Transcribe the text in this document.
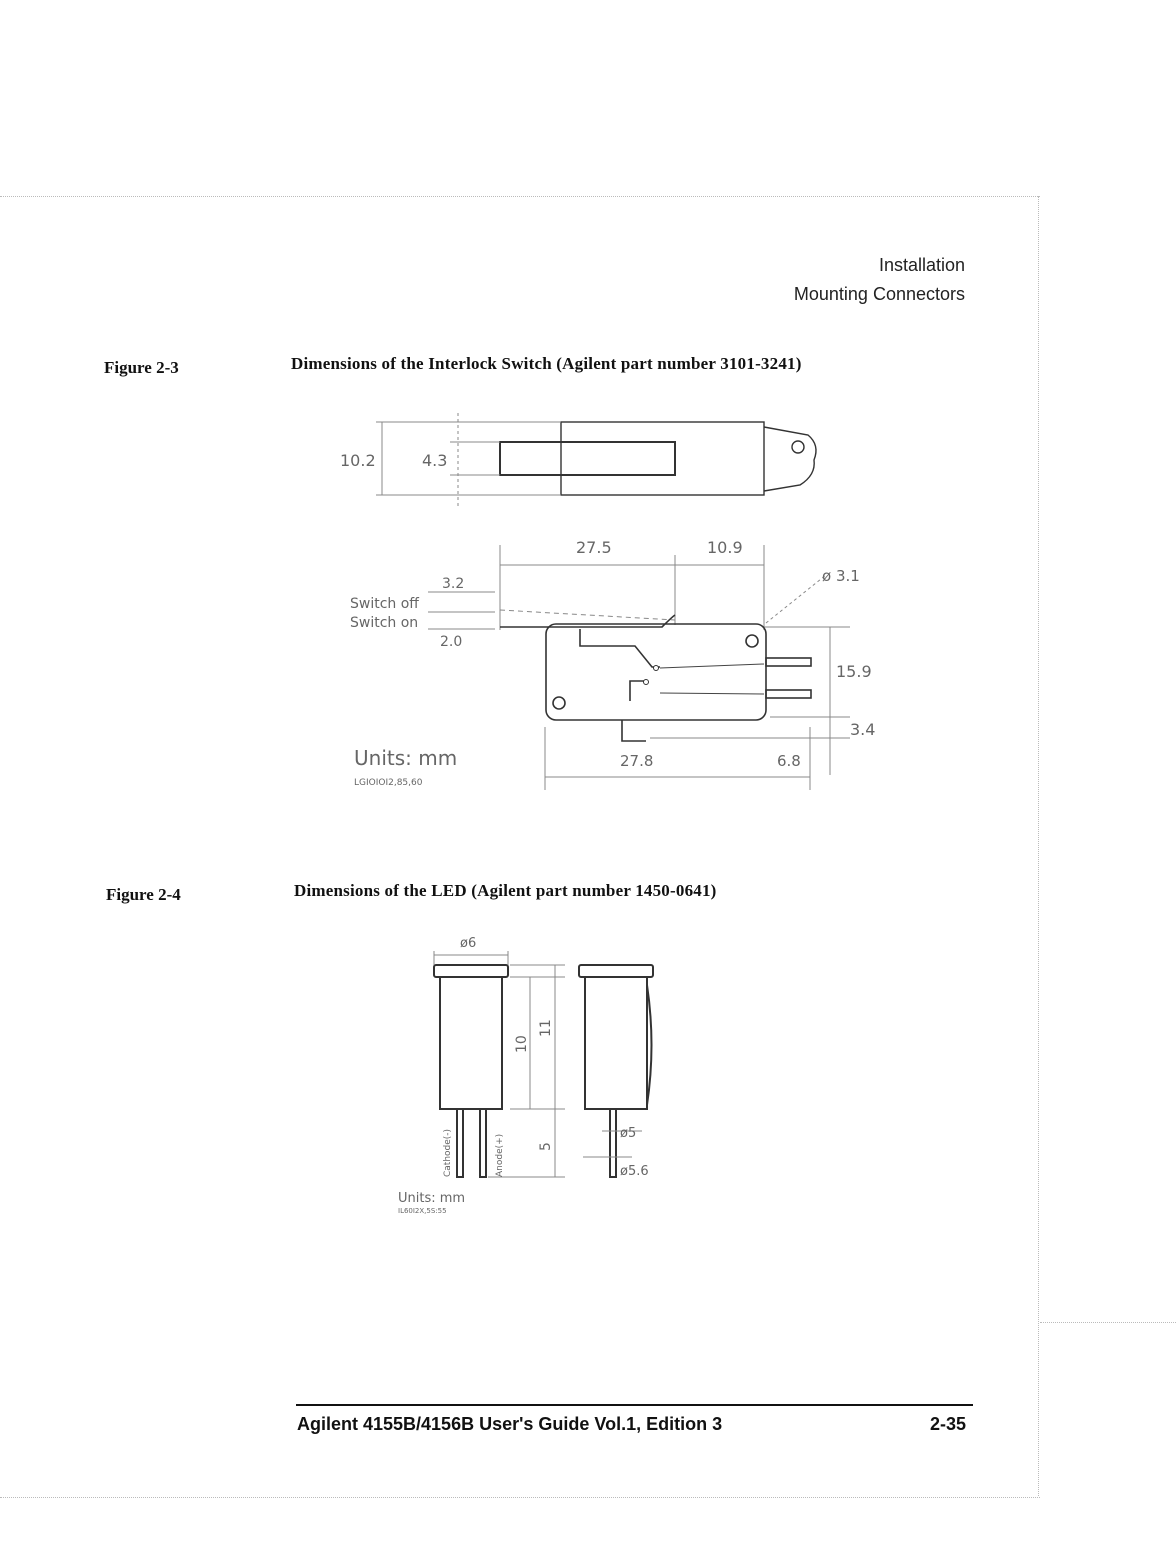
Installation
Mounting Connectors
Figure 2-3	Dimensions of the Interlock Switch (Agilent part number 3101-3241)
10.2	4.3
27.5	10.9
ø 3.1
3.2
Switch off
Switch on
2.0
15.9
3.4
27.8	6.8
Units: mm
LGIOIOI2,85,60
Figure 2-4	Dimensions of the LED (Agilent part number 1450-0641)
ø6
10
11
5
Cathode(-)	Anode(+)
ø5
ø5.6
Units: mm
IL60I2X,5S:55
Agilent 4155B/4156B User's Guide Vol.1, Edition 3	2-35
